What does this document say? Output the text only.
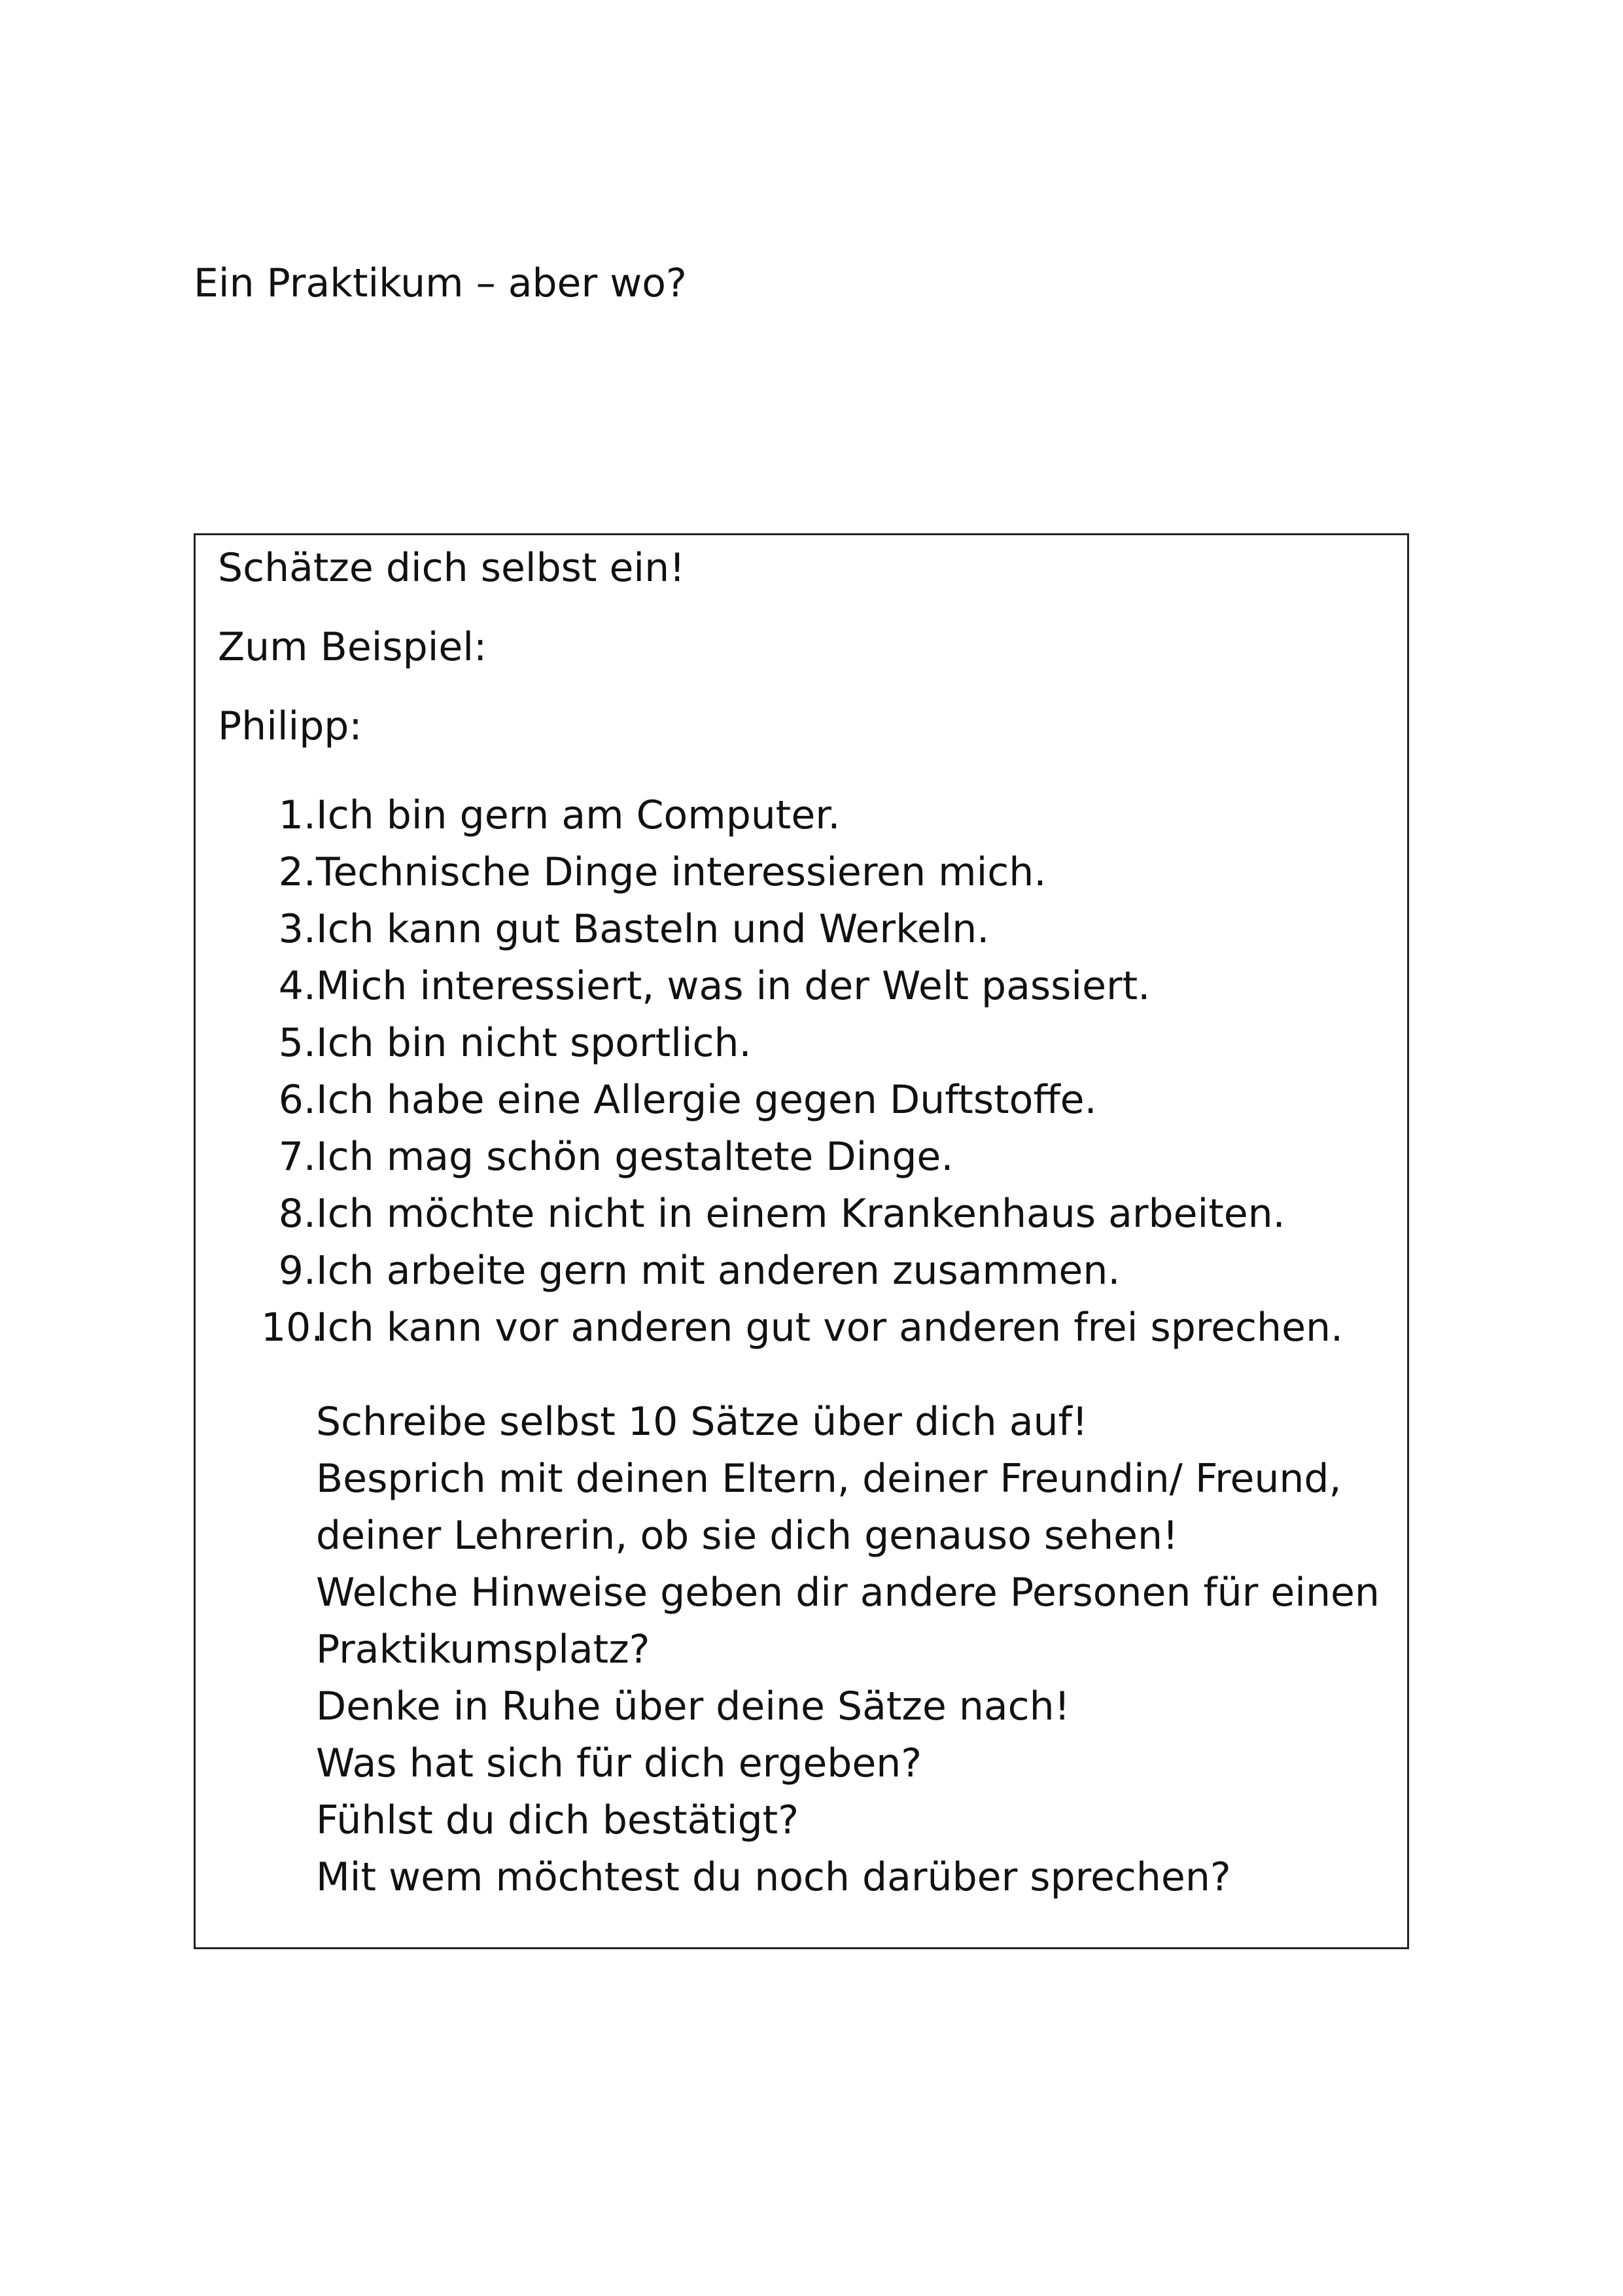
Ein Praktikum – aber wo?

Schätze dich selbst ein!

Zum Beispiel:

Philipp:

1. Ich bin gern am Computer.
2. Technische Dinge interessieren mich.
3. Ich kann gut Basteln und Werkeln.
4. Mich interessiert, was in der Welt passiert.
5. Ich bin nicht sportlich.
6. Ich habe eine Allergie gegen Duftstoffe.
7. Ich mag schön gestaltete Dinge.
8. Ich möchte nicht in einem Krankenhaus arbeiten.
9. Ich arbeite gern mit anderen zusammen.
10.
Ich kann vor anderen gut vor anderen frei sprechen.

Schreibe selbst 10 Sätze über dich auf!

Besprich mit deinen Eltern, deiner Freundin/ Freund,

deiner Lehrerin, ob sie dich genauso sehen!

Welche Hinweise geben dir andere Personen für einen

Praktikumsplatz?

Denke in Ruhe über deine Sätze nach!

Was hat sich für dich ergeben?

Fühlst du dich bestätigt?

Mit wem möchtest du noch darüber sprechen?
